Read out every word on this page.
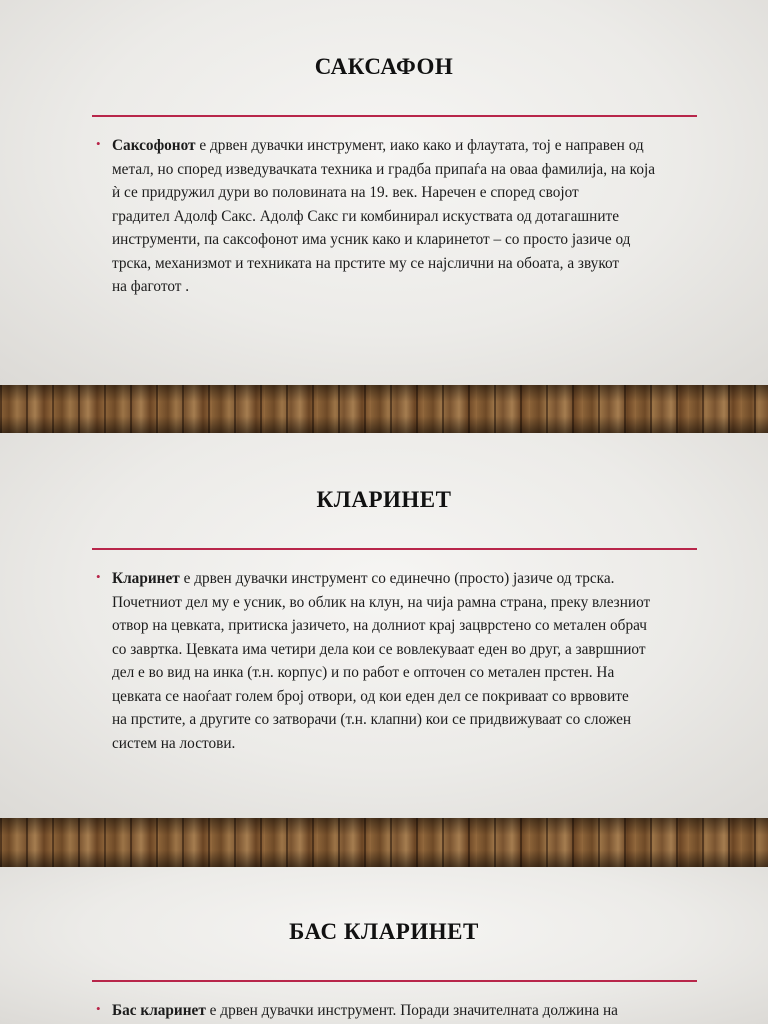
САКСАФОН
• Саксофонот е дрвен дувачки инструмент, иако како и флаутата, тој е направен од
метал, но според изведувачката техника и градба припаѓа на оваа фамилија, на која
ѝ се придружил дури во половината на 19. век. Наречен е според својот
градител Адолф Сакс. Адолф Сакс ги комбинирал искуствата од дотагашните
инструменти, па саксофонот има усник како и кларинетот – со просто јазиче од
трска, механизмот и техниката на прстите му се најслични на обоата, а звукот
на фаготот .
КЛАРИНЕТ
• Кларинет е дрвен дувачки инструмент со единечно (просто) јазиче од трска.
Почетниот дел му е усник, во облик на клун, на чија рамна страна, преку влезниот
отвор на цевката, притиска јазичето, на долниот крај зацврстено со метален обрач
со завртка. Цевката има четири дела кои се вовлекуваат еден во друг, а завршниот
дел е во вид на инка (т.н. корпус) и по работ е опточен со метален прстен. На
цевката се наоѓаат голем број отвори, од кои еден дел се покриваат со врвовите
на прстите, а другите со затворачи (т.н. клапни) кои се придвижуваат со сложен
систем на лостови.
БАС КЛАРИНЕТ
• Бас кларинет е дрвен дувачки инструмент. Поради значителната должина на
